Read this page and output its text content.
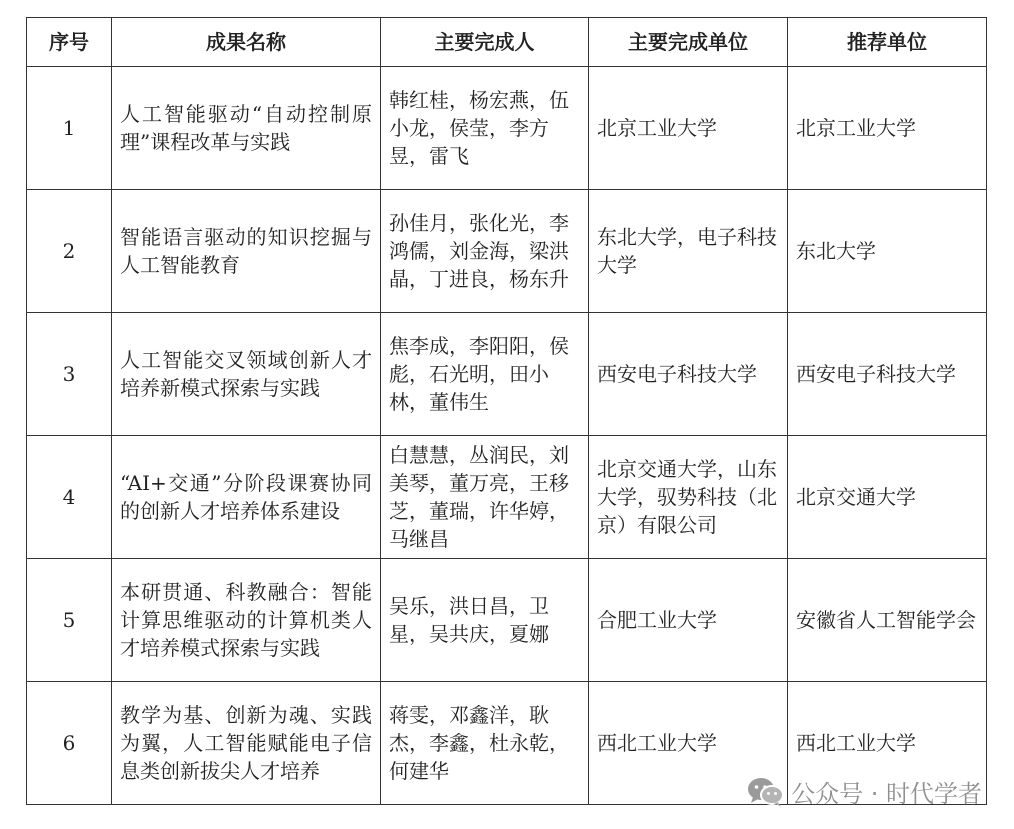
序号	成果名称	主要完成人	主要完成单位	推荐单位
1	人工智能驱动“自动控制原理”课程改革与实践	韩红桂，杨宏燕，伍小龙，侯莹，李方昱，雷飞	北京工业大学	北京工业大学
2	智能语言驱动的知识挖掘与人工智能教育	孙佳月，张化光，李鸿儒，刘金海，梁洪晶，丁进良，杨东升	东北大学，电子科技大学	东北大学
3	人工智能交叉领域创新人才培养新模式探索与实践	焦李成，李阳阳，侯彪，石光明，田小林，董伟生	西安电子科技大学	西安电子科技大学
4	“AI+交通”分阶段课赛协同的创新人才培养体系建设	白慧慧，丛润民，刘美琴，董万亮，王移芝，董瑞，许华婷，马继昌	北京交通大学，山东大学，驭势科技（北京）有限公司	北京交通大学
5	本研贯通、科教融合：智能计算思维驱动的计算机类人才培养模式探索与实践	吴乐，洪日昌，卫星，吴共庆，夏娜	合肥工业大学	安徽省人工智能学会
6	教学为基、创新为魂、实践为翼，人工智能赋能电子信息类创新拔尖人才培养	蒋雯，邓鑫洋，耿杰，李鑫，杜永乾，何建华	西北工业大学	西北工业大学
公众号 · 时代学者
